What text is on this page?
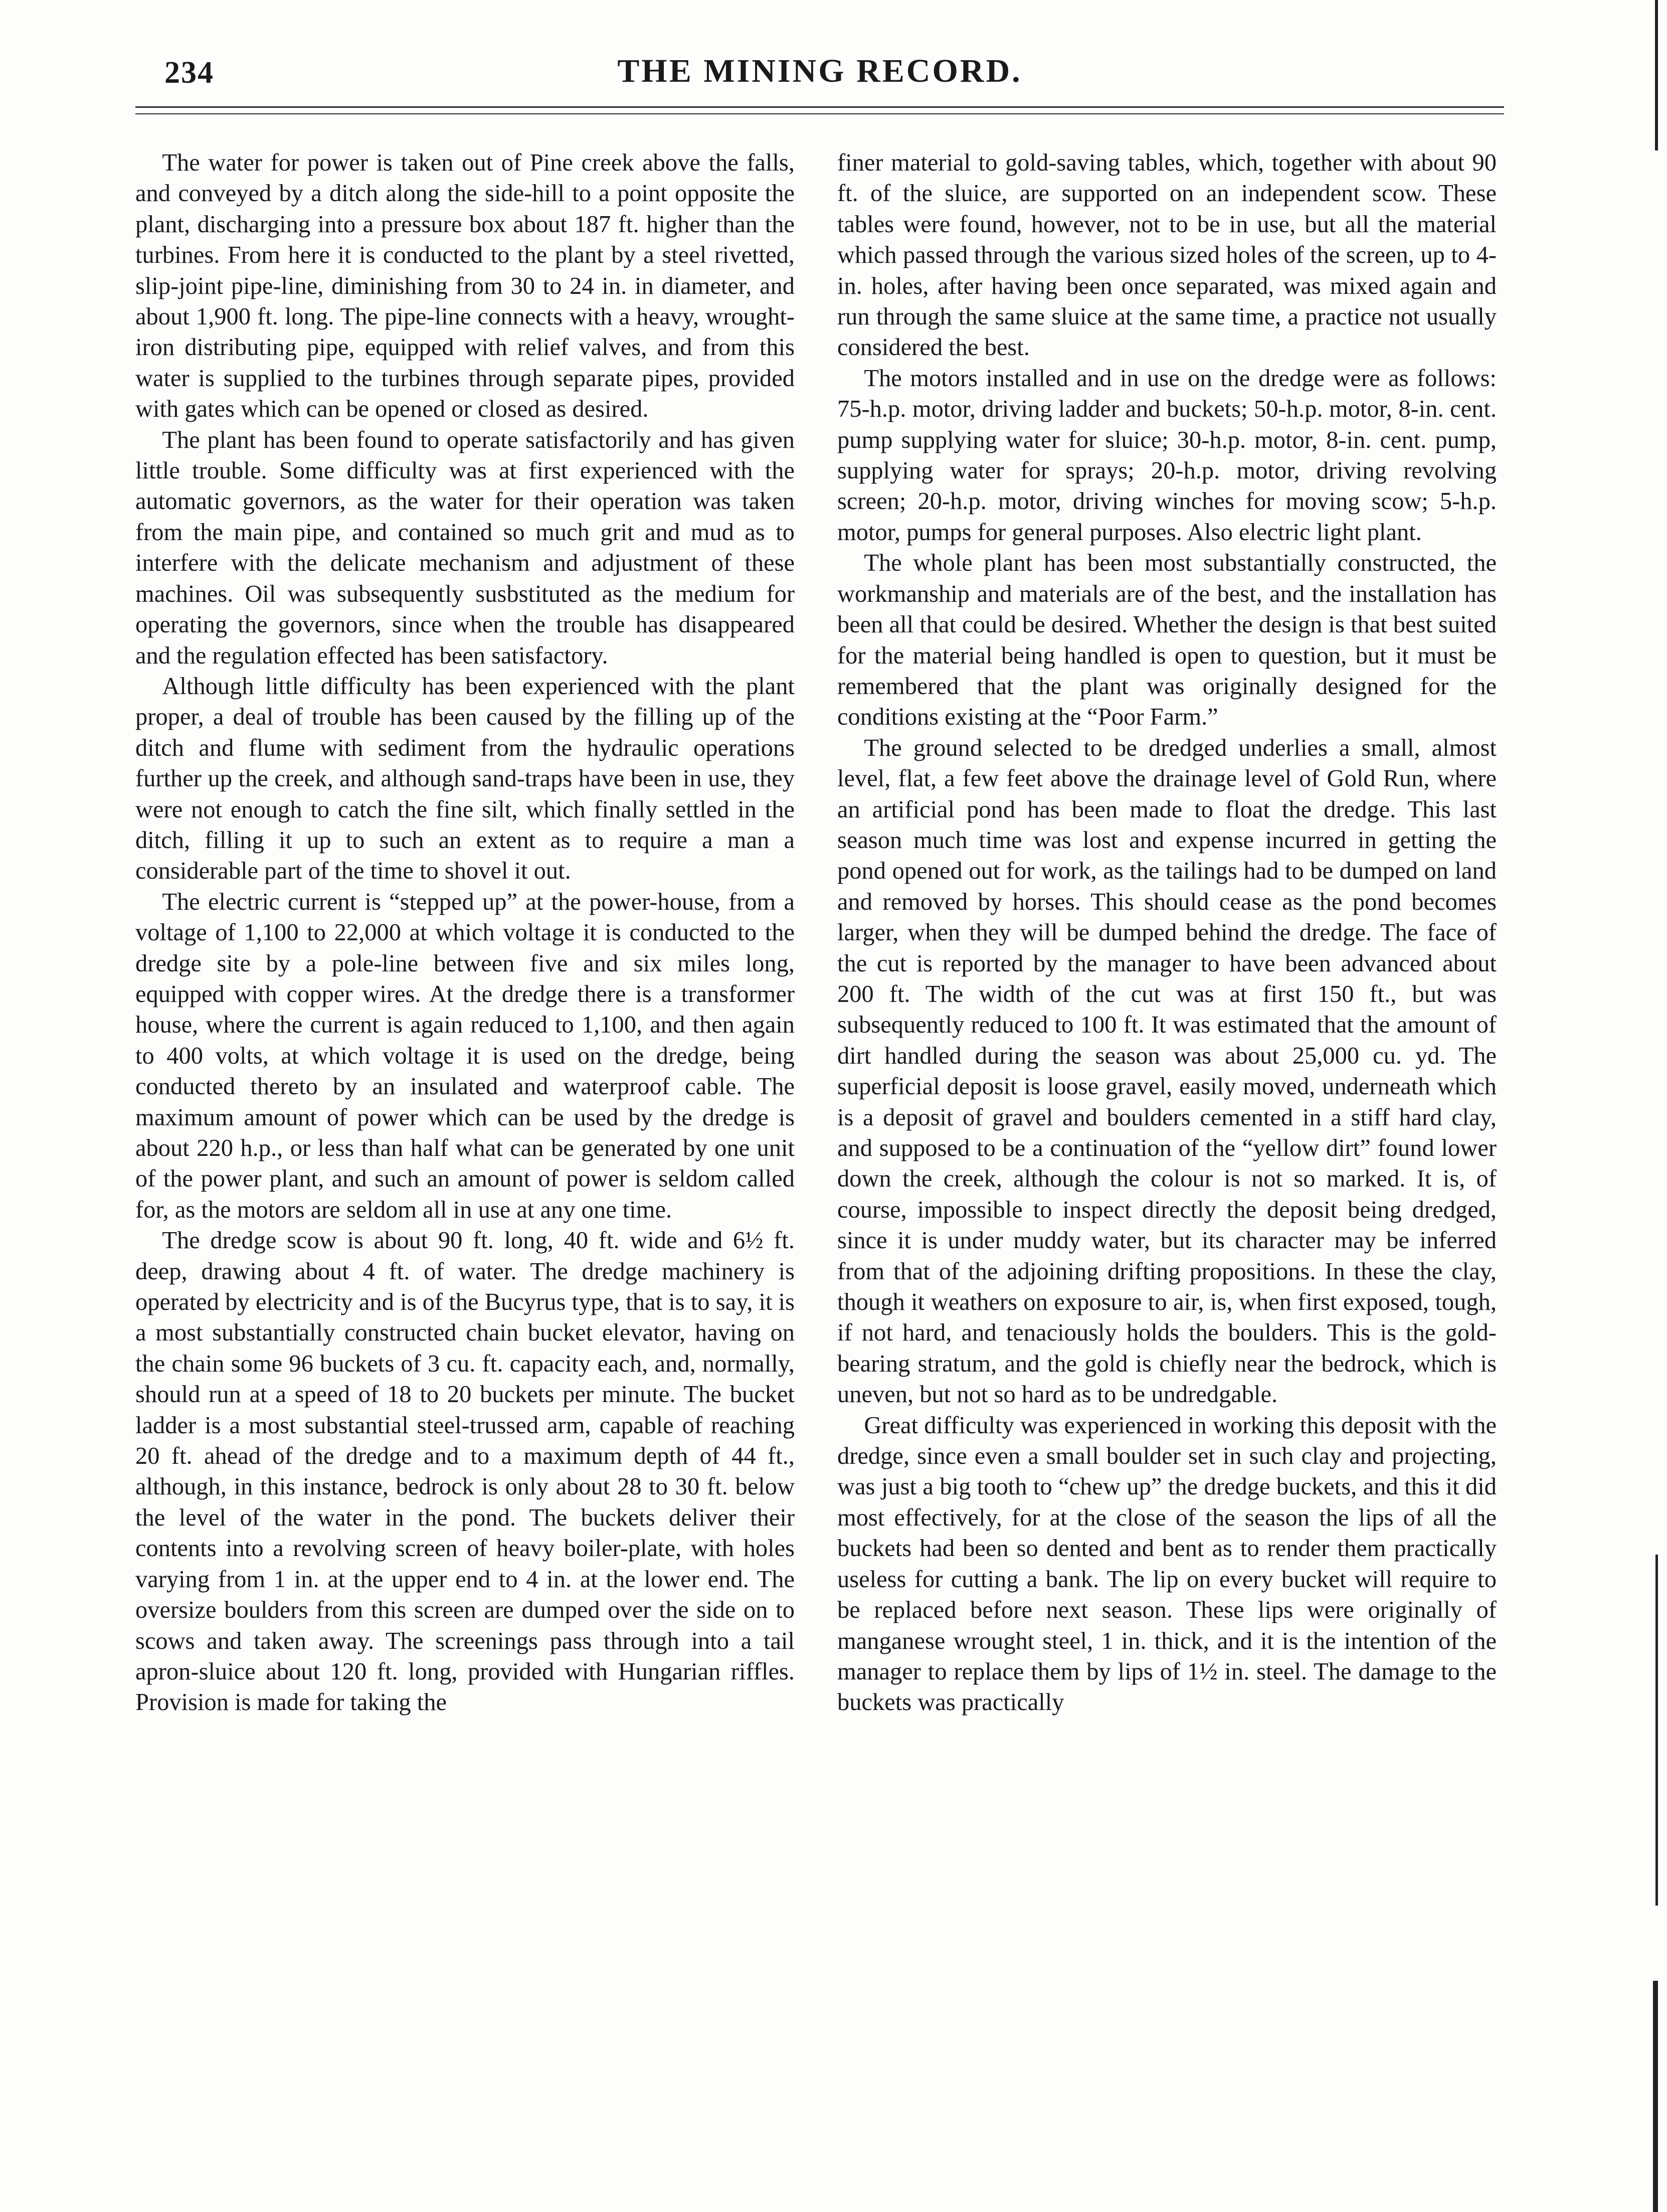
234	THE MINING RECORD.

The water for power is taken out of Pine creek above the falls, and conveyed by a ditch along the side-hill to a point opposite the plant, discharging into a pressure box about 187 ft. higher than the turbines. From here it is conducted to the plant by a steel rivetted, slip-joint pipe-line, diminishing from 30 to 24 in. in diameter, and about 1,900 ft. long. The pipe-line connects with a heavy, wrought-iron distributing pipe, equipped with relief valves, and from this water is supplied to the turbines through separate pipes, provided with gates which can be opened or closed as desired.

The plant has been found to operate satisfactorily and has given little trouble. Some difficulty was at first experienced with the automatic governors, as the water for their operation was taken from the main pipe, and contained so much grit and mud as to interfere with the delicate mechanism and adjustment of these machines. Oil was subsequently susbstituted as the medium for operating the governors, since when the trouble has disappeared and the regulation effected has been satisfactory.

Although little difficulty has been experienced with the plant proper, a deal of trouble has been caused by the filling up of the ditch and flume with sediment from the hydraulic operations further up the creek, and although sand-traps have been in use, they were not enough to catch the fine silt, which finally settled in the ditch, filling it up to such an extent as to require a man a considerable part of the time to shovel it out.

The electric current is “stepped up” at the power-house, from a voltage of 1,100 to 22,000 at which voltage it is conducted to the dredge site by a pole-line between five and six miles long, equipped with copper wires. At the dredge there is a transformer house, where the current is again reduced to 1,100, and then again to 400 volts, at which voltage it is used on the dredge, being conducted thereto by an insulated and waterproof cable. The maximum amount of power which can be used by the dredge is about 220 h.p., or less than half what can be generated by one unit of the power plant, and such an amount of power is seldom called for, as the motors are seldom all in use at any one time.

The dredge scow is about 90 ft. long, 40 ft. wide and 6½ ft. deep, drawing about 4 ft. of water. The dredge machinery is operated by electricity and is of the Bucyrus type, that is to say, it is a most substantially constructed chain bucket elevator, having on the chain some 96 buckets of 3 cu. ft. capacity each, and, normally, should run at a speed of 18 to 20 buckets per minute. The bucket ladder is a most substantial steel-trussed arm, capable of reaching 20 ft. ahead of the dredge and to a maximum depth of 44 ft., although, in this instance, bedrock is only about 28 to 30 ft. below the level of the water in the pond. The buckets deliver their contents into a revolving screen of heavy boiler-plate, with holes varying from 1 in. at the upper end to 4 in. at the lower end. The oversize boulders from this screen are dumped over the side on to scows and taken away. The screenings pass through into a tail apron-sluice about 120 ft. long, provided with Hungarian riffles. Provision is made for taking the

finer material to gold-saving tables, which, together with about 90 ft. of the sluice, are supported on an independent scow. These tables were found, however, not to be in use, but all the material which passed through the various sized holes of the screen, up to 4-in. holes, after having been once separated, was mixed again and run through the same sluice at the same time, a practice not usually considered the best.

The motors installed and in use on the dredge were as follows: 75-h.p. motor, driving ladder and buckets; 50-h.p. motor, 8-in. cent. pump supplying water for sluice; 30-h.p. motor, 8-in. cent. pump, supplying water for sprays; 20-h.p. motor, driving revolving screen; 20-h.p. motor, driving winches for moving scow; 5-h.p. motor, pumps for general purposes. Also electric light plant.

The whole plant has been most substantially constructed, the workmanship and materials are of the best, and the installation has been all that could be desired. Whether the design is that best suited for the material being handled is open to question, but it must be remembered that the plant was originally designed for the conditions existing at the “Poor Farm.”

The ground selected to be dredged underlies a small, almost level, flat, a few feet above the drainage level of Gold Run, where an artificial pond has been made to float the dredge. This last season much time was lost and expense incurred in getting the pond opened out for work, as the tailings had to be dumped on land and removed by horses. This should cease as the pond becomes larger, when they will be dumped behind the dredge. The face of the cut is reported by the manager to have been advanced about 200 ft. The width of the cut was at first 150 ft., but was subsequently reduced to 100 ft. It was estimated that the amount of dirt handled during the season was about 25,000 cu. yd. The superficial deposit is loose gravel, easily moved, underneath which is a deposit of gravel and boulders cemented in a stiff hard clay, and supposed to be a continuation of the “yellow dirt” found lower down the creek, although the colour is not so marked. It is, of course, impossible to inspect directly the deposit being dredged, since it is under muddy water, but its character may be inferred from that of the adjoining drifting propositions. In these the clay, though it weathers on exposure to air, is, when first exposed, tough, if not hard, and tenaciously holds the boulders. This is the gold-bearing stratum, and the gold is chiefly near the bedrock, which is uneven, but not so hard as to be undredgable.

Great difficulty was experienced in working this deposit with the dredge, since even a small boulder set in such clay and projecting, was just a big tooth to “chew up” the dredge buckets, and this it did most effectively, for at the close of the season the lips of all the buckets had been so dented and bent as to render them practically useless for cutting a bank. The lip on every bucket will require to be replaced before next season. These lips were originally of manganese wrought steel, 1 in. thick, and it is the intention of the manager to replace them by lips of 1½ in. steel. The damage to the buckets was practically
